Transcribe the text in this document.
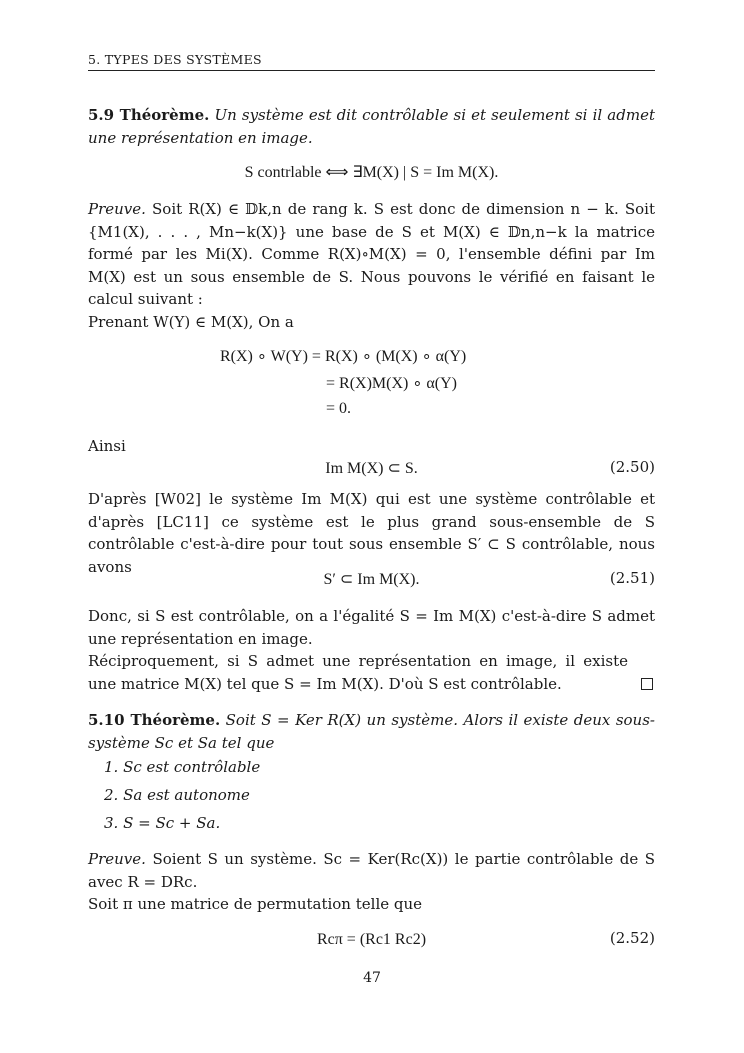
5. TYPES DES SYSTÈMES
5.9 Théorème. Un système est dit contrôlable si et seulement si il admet une représentation en image.
S contrlable ⟺ ∃M(X) | S = Im M(X).
Preuve. Soit R(X) ∈ 𝔻k,n de rang k. S est donc de dimension n − k. Soit {M1(X), . . . , Mn−k(X)} une base de S et M(X) ∈ 𝔻n,n−k la matrice formé par les Mi(X). Comme R(X)∘M(X) = 0, l'ensemble défini par Im M(X) est un sous ensemble de S. Nous pouvons le vérifié en faisant le calcul suivant :
Prenant W(Y) ∈ M(X), On a
R(X) ∘ W(Y) = R(X) ∘ (M(X) ∘ α(Y)
= R(X)M(X) ∘ α(Y)
= 0.
Ainsi
Im M(X) ⊂ S.	(2.50)
D'après [W02] le système Im M(X) qui est une système contrôlable et d'après [LC11] ce système est le plus grand sous-ensemble de S contrôlable c'est-à-dire pour tout sous ensemble S′ ⊂ S contrôlable, nous avons
S′ ⊂ Im M(X).	(2.51)
Donc, si S est contrôlable, on a l'égalité S = Im M(X) c'est-à-dire S admet une représentation en image.
Réciproquement, si S admet une représentation en image, il existe une matrice M(X) tel que S = Im M(X). D'où S est contrôlable.
5.10 Théorème. Soit S = Ker R(X) un système. Alors il existe deux sous-système Sc et Sa tel que
1. Sc est contrôlable
2. Sa est autonome
3. S = Sc + Sa.
Preuve. Soient S un système. Sc = Ker(Rc(X)) le partie contrôlable de S avec R = DRc.
Soit π une matrice de permutation telle que
Rcπ = (Rc1 Rc2)	(2.52)
47
